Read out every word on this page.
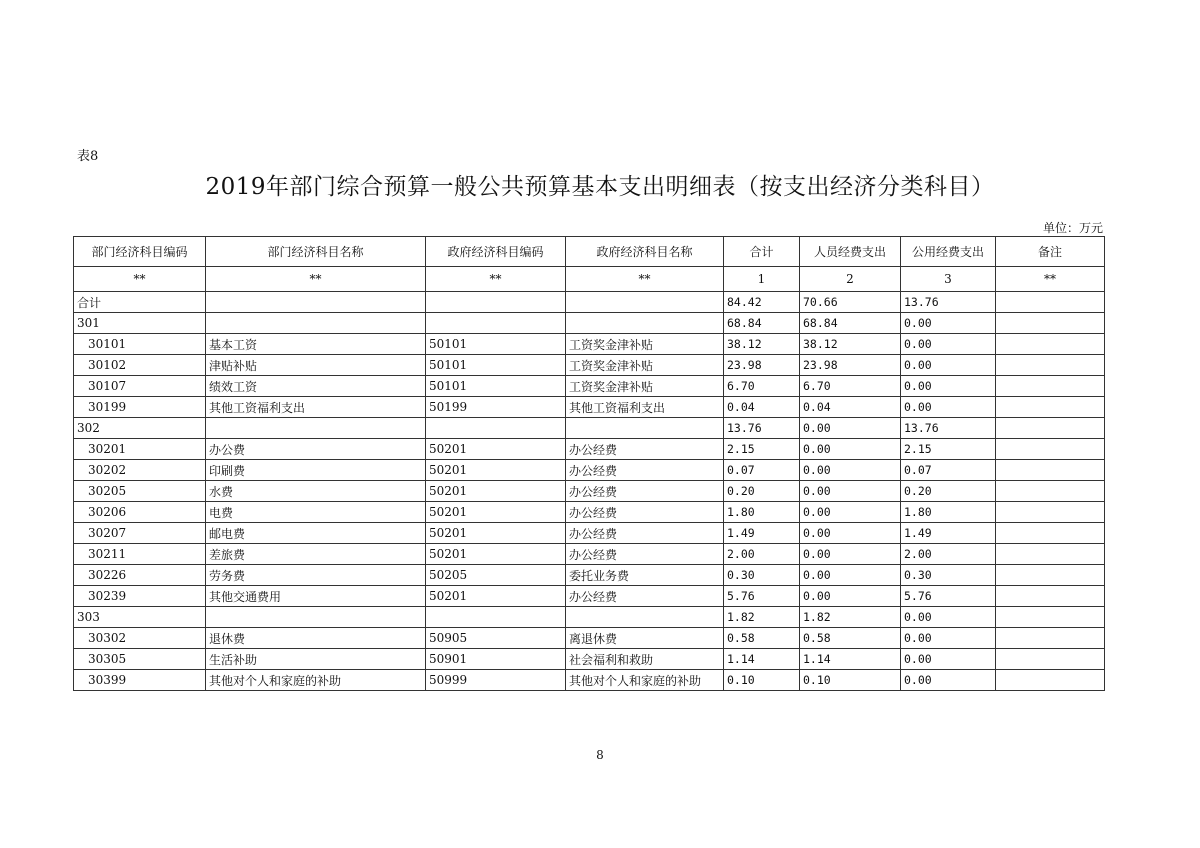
表8
2019年部门综合预算一般公共预算基本支出明细表（按支出经济分类科目）
单位：万元
部门经济科目编码	部门经济科目名称	政府经济科目编码	政府经济科目名称	合计	人员经费支出	公用经费支出	备注
**	**	**	**	1	2	3	**
合计				84.42	70.66	13.76	
301				68.84	68.84	0.00	
30101	基本工资	50101	工资奖金津补贴	38.12	38.12	0.00	
30102	津贴补贴	50101	工资奖金津补贴	23.98	23.98	0.00	
30107	绩效工资	50101	工资奖金津补贴	6.70	6.70	0.00	
30199	其他工资福利支出	50199	其他工资福利支出	0.04	0.04	0.00	
302				13.76	0.00	13.76	
30201	办公费	50201	办公经费	2.15	0.00	2.15	
30202	印刷费	50201	办公经费	0.07	0.00	0.07	
30205	水费	50201	办公经费	0.20	0.00	0.20	
30206	电费	50201	办公经费	1.80	0.00	1.80	
30207	邮电费	50201	办公经费	1.49	0.00	1.49	
30211	差旅费	50201	办公经费	2.00	0.00	2.00	
30226	劳务费	50205	委托业务费	0.30	0.00	0.30	
30239	其他交通费用	50201	办公经费	5.76	0.00	5.76	
303				1.82	1.82	0.00	
30302	退休费	50905	离退休费	0.58	0.58	0.00	
30305	生活补助	50901	社会福利和救助	1.14	1.14	0.00	
30399	其他对个人和家庭的补助	50999	其他对个人和家庭的补助	0.10	0.10	0.00	
8
